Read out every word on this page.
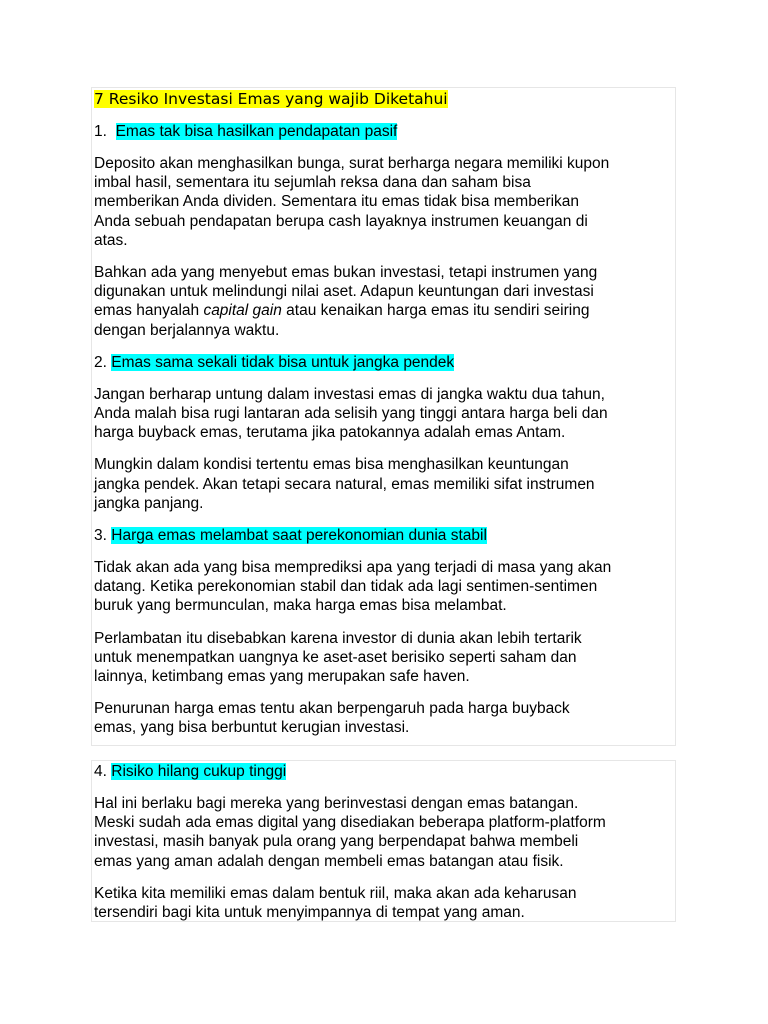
7 Resiko Investasi Emas yang wajib Diketahui

1. Emas tak bisa hasilkan pendapatan pasif

Deposito akan menghasilkan bunga, surat berharga negara memiliki kupon
imbal hasil, sementara itu sejumlah reksa dana dan saham bisa
memberikan Anda dividen. Sementara itu emas tidak bisa memberikan
Anda sebuah pendapatan berupa cash layaknya instrumen keuangan di
atas.

Bahkan ada yang menyebut emas bukan investasi, tetapi instrumen yang
digunakan untuk melindungi nilai aset. Adapun keuntungan dari investasi
emas hanyalah capital gain atau kenaikan harga emas itu sendiri seiring
dengan berjalannya waktu.

2. Emas sama sekali tidak bisa untuk jangka pendek

Jangan berharap untung dalam investasi emas di jangka waktu dua tahun,
Anda malah bisa rugi lantaran ada selisih yang tinggi antara harga beli dan
harga buyback emas, terutama jika patokannya adalah emas Antam.

Mungkin dalam kondisi tertentu emas bisa menghasilkan keuntungan
jangka pendek. Akan tetapi secara natural, emas memiliki sifat instrumen
jangka panjang.

3. Harga emas melambat saat perekonomian dunia stabil

Tidak akan ada yang bisa memprediksi apa yang terjadi di masa yang akan
datang. Ketika perekonomian stabil dan tidak ada lagi sentimen-sentimen
buruk yang bermunculan, maka harga emas bisa melambat.

Perlambatan itu disebabkan karena investor di dunia akan lebih tertarik
untuk menempatkan uangnya ke aset-aset berisiko seperti saham dan
lainnya, ketimbang emas yang merupakan safe haven.

Penurunan harga emas tentu akan berpengaruh pada harga buyback
emas, yang bisa berbuntut kerugian investasi.

4. Risiko hilang cukup tinggi

Hal ini berlaku bagi mereka yang berinvestasi dengan emas batangan.
Meski sudah ada emas digital yang disediakan beberapa platform-platform
investasi, masih banyak pula orang yang berpendapat bahwa membeli
emas yang aman adalah dengan membeli emas batangan atau fisik.

Ketika kita memiliki emas dalam bentuk riil, maka akan ada keharusan
tersendiri bagi kita untuk menyimpannya di tempat yang aman.
